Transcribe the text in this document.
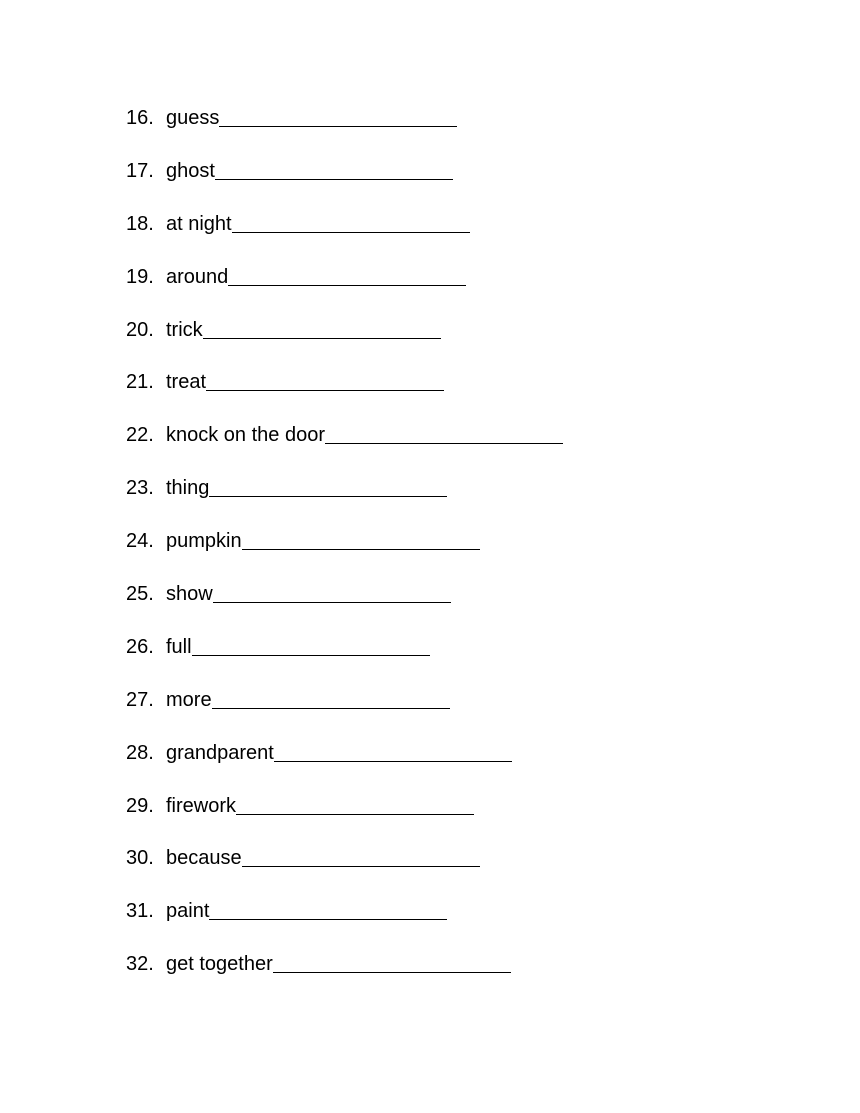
16. guess
17. ghost
18. at night
19. around
20. trick
21. treat
22. knock on the door
23. thing
24. pumpkin
25. show
26. full
27. more
28. grandparent
29. firework
30. because
31. paint
32. get together
